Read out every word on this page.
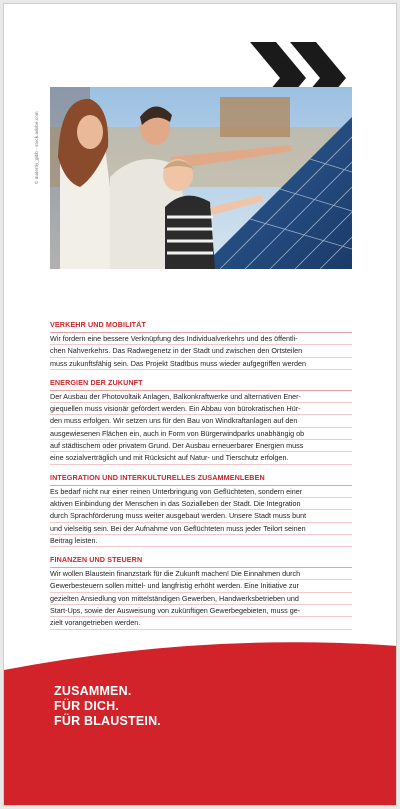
© malertiy_gibb - stock.adobe.com
VERKEHR UND MOBILITÄT

Wir fordern eine bessere Verknüpfung des Individualverkehrs und des öffentli-
chen Nahverkehrs. Das Radwegenetz in der Stadt und zwischen den Ortsteilen
muss zukunftsfähig sein. Das Projekt Stadtbus muss wieder aufgegriffen werden

ENERGIEN DER ZUKUNFT

Der Ausbau der Photovoltaik Anlagen, Balkonkraftwerke und alternativen Ener-
giequellen muss visionär gefördert werden. Ein Abbau von bürokratischen Hür-
den muss erfolgen. Wir setzen uns für den Bau von Windkraftanlagen auf den
ausgewiesenen Flächen ein, auch in Form von Bürgerwindparks unabhängig ob
auf städtischem oder privatem Grund. Der Ausbau erneuerbarer Energien muss
eine sozialverträglich und mit Rücksicht auf Natur- und Tierschutz erfolgen.

INTEGRATION UND INTERKULTURELLES ZUSAMMENLEBEN

Es bedarf nicht nur einer reinen Unterbringung von Geflüchteten, sondern einer
aktiven Einbindung der Menschen in das Sozialleben der Stadt. Die Integration
durch Sprachförderung muss weiter ausgebaut werden. Unsere Stadt muss bunt
und vielseitig sein. Bei der Aufnahme von Geflüchteten muss jeder Teilort seinen
Beitrag leisten.

FINANZEN UND STEUERN

Wir wollen Blaustein finanzstark für die Zukunft machen! Die Einnahmen durch
Gewerbesteuern sollen mittel- und langfristig erhöht werden. Eine Initiative zur
gezielten Ansiedlung von mittelständigen Gewerben, Handwerksbetrieben und
Start-Ups, sowie der Ausweisung von zukünftigen Gewerbegebieten, muss ge-
zielt vorangetrieben werden.

ZUSAMMEN.
FÜR DICH.
FÜR BLAUSTEIN.
